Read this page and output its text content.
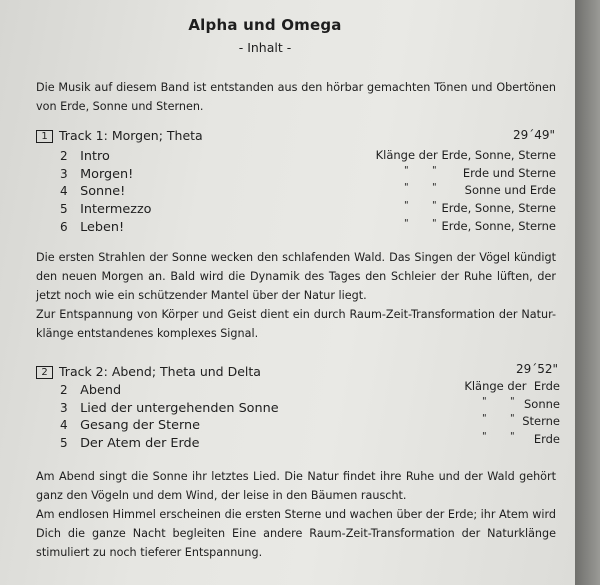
Alpha und Omega
- Inhalt -
Die Musik auf diesem Band ist entstanden aus den hörbar gemachten Tönen und Obertönen
von Erde, Sonne und Sternen.
1 Track 1: Morgen; Theta	29´49"
2 Intro
3 Morgen!
4 Sonne!
5 Intermezzo
6 Leben!
Klänge der Erde, Sonne, Sterne
" " Erde und Sterne
" " Sonne und Erde
" " Erde, Sonne, Sterne
" " Erde, Sonne, Sterne
Die ersten Strahlen der Sonne wecken den schlafenden Wald. Das Singen der Vögel kündigt
den neuen Morgen an. Bald wird die Dynamik des Tages den Schleier der Ruhe lüften, der
jetzt noch wie ein schützender Mantel über der Natur liegt.
Zur Entspannung von Körper und Geist dient ein durch Raum-Zeit-Transformation der Natur-
klänge entstandenes komplexes Signal.
2 Track 2: Abend; Theta und Delta	29´52"
2 Abend
3 Lied der untergehenden Sonne
4 Gesang der Sterne
5 Der Atem der Erde
Klänge der  Erde
" " Sonne
" " Sterne
" " Erde
Am Abend singt die Sonne ihr letztes Lied. Die Natur findet ihre Ruhe und der Wald gehört
ganz den Vögeln und dem Wind, der leise in den Bäumen rauscht.
Am endlosen Himmel erscheinen die ersten Sterne und wachen über der Erde; ihr Atem wird
Dich die ganze Nacht begleiten Eine andere Raum-Zeit-Transformation der Naturklänge
stimuliert zu noch tieferer Entspannung.
